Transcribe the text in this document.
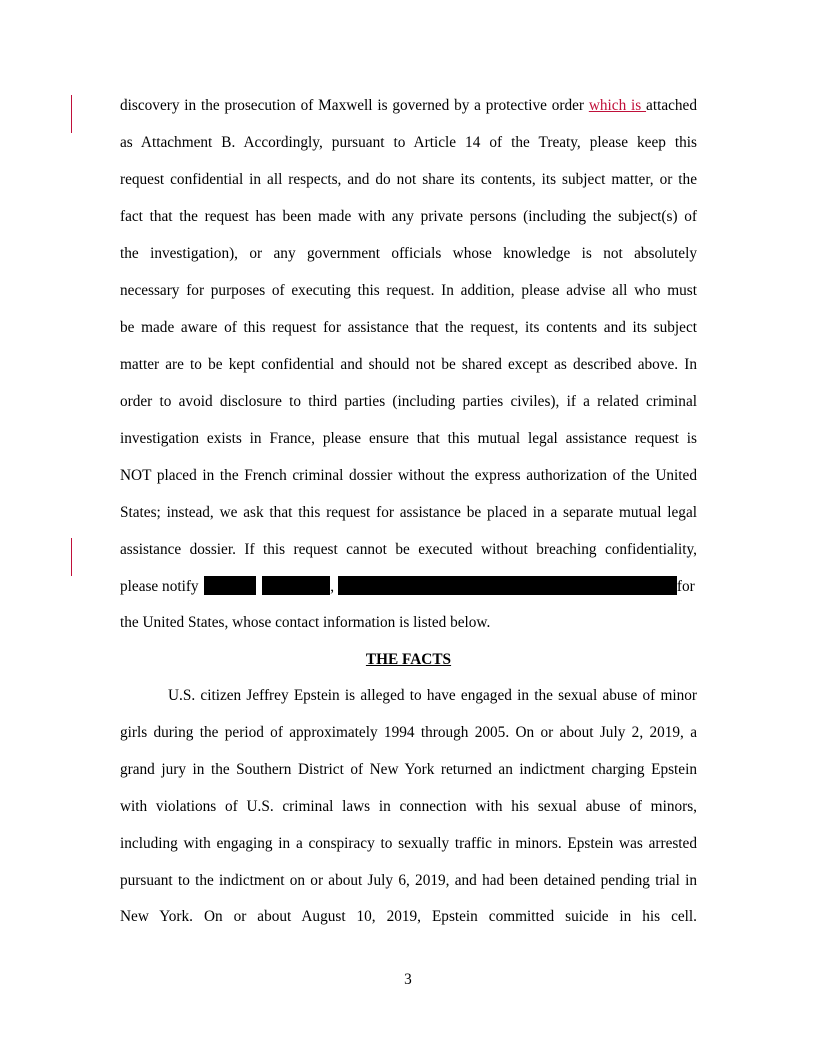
discovery in the prosecution of Maxwell is governed by a protective order which is attached
as Attachment B. Accordingly, pursuant to Article 14 of the Treaty, please keep this
request confidential in all respects, and do not share its contents, its subject matter, or the
fact that the request has been made with any private persons (including the subject(s) of
the investigation), or any government officials whose knowledge is not absolutely
necessary for purposes of executing this request. In addition, please advise all who must
be made aware of this request for assistance that the request, its contents and its subject
matter are to be kept confidential and should not be shared except as described above. In
order to avoid disclosure to third parties (including parties civiles), if a related criminal
investigation exists in France, please ensure that this mutual legal assistance request is
NOT placed in the French criminal dossier without the express authorization of the United
States; instead, we ask that this request for assistance be placed in a separate mutual legal
assistance dossier. If this request cannot be executed without breaching confidentiality,
please notify	,	for
the United States, whose contact information is listed below.
THE FACTS
U.S. citizen Jeffrey Epstein is alleged to have engaged in the sexual abuse of minor
girls during the period of approximately 1994 through 2005. On or about July 2, 2019, a
grand jury in the Southern District of New York returned an indictment charging Epstein
with violations of U.S. criminal laws in connection with his sexual abuse of minors,
including with engaging in a conspiracy to sexually traffic in minors. Epstein was arrested
pursuant to the indictment on or about July 6, 2019, and had been detained pending trial in
New York. On or about August 10, 2019, Epstein committed suicide in his cell.
3
